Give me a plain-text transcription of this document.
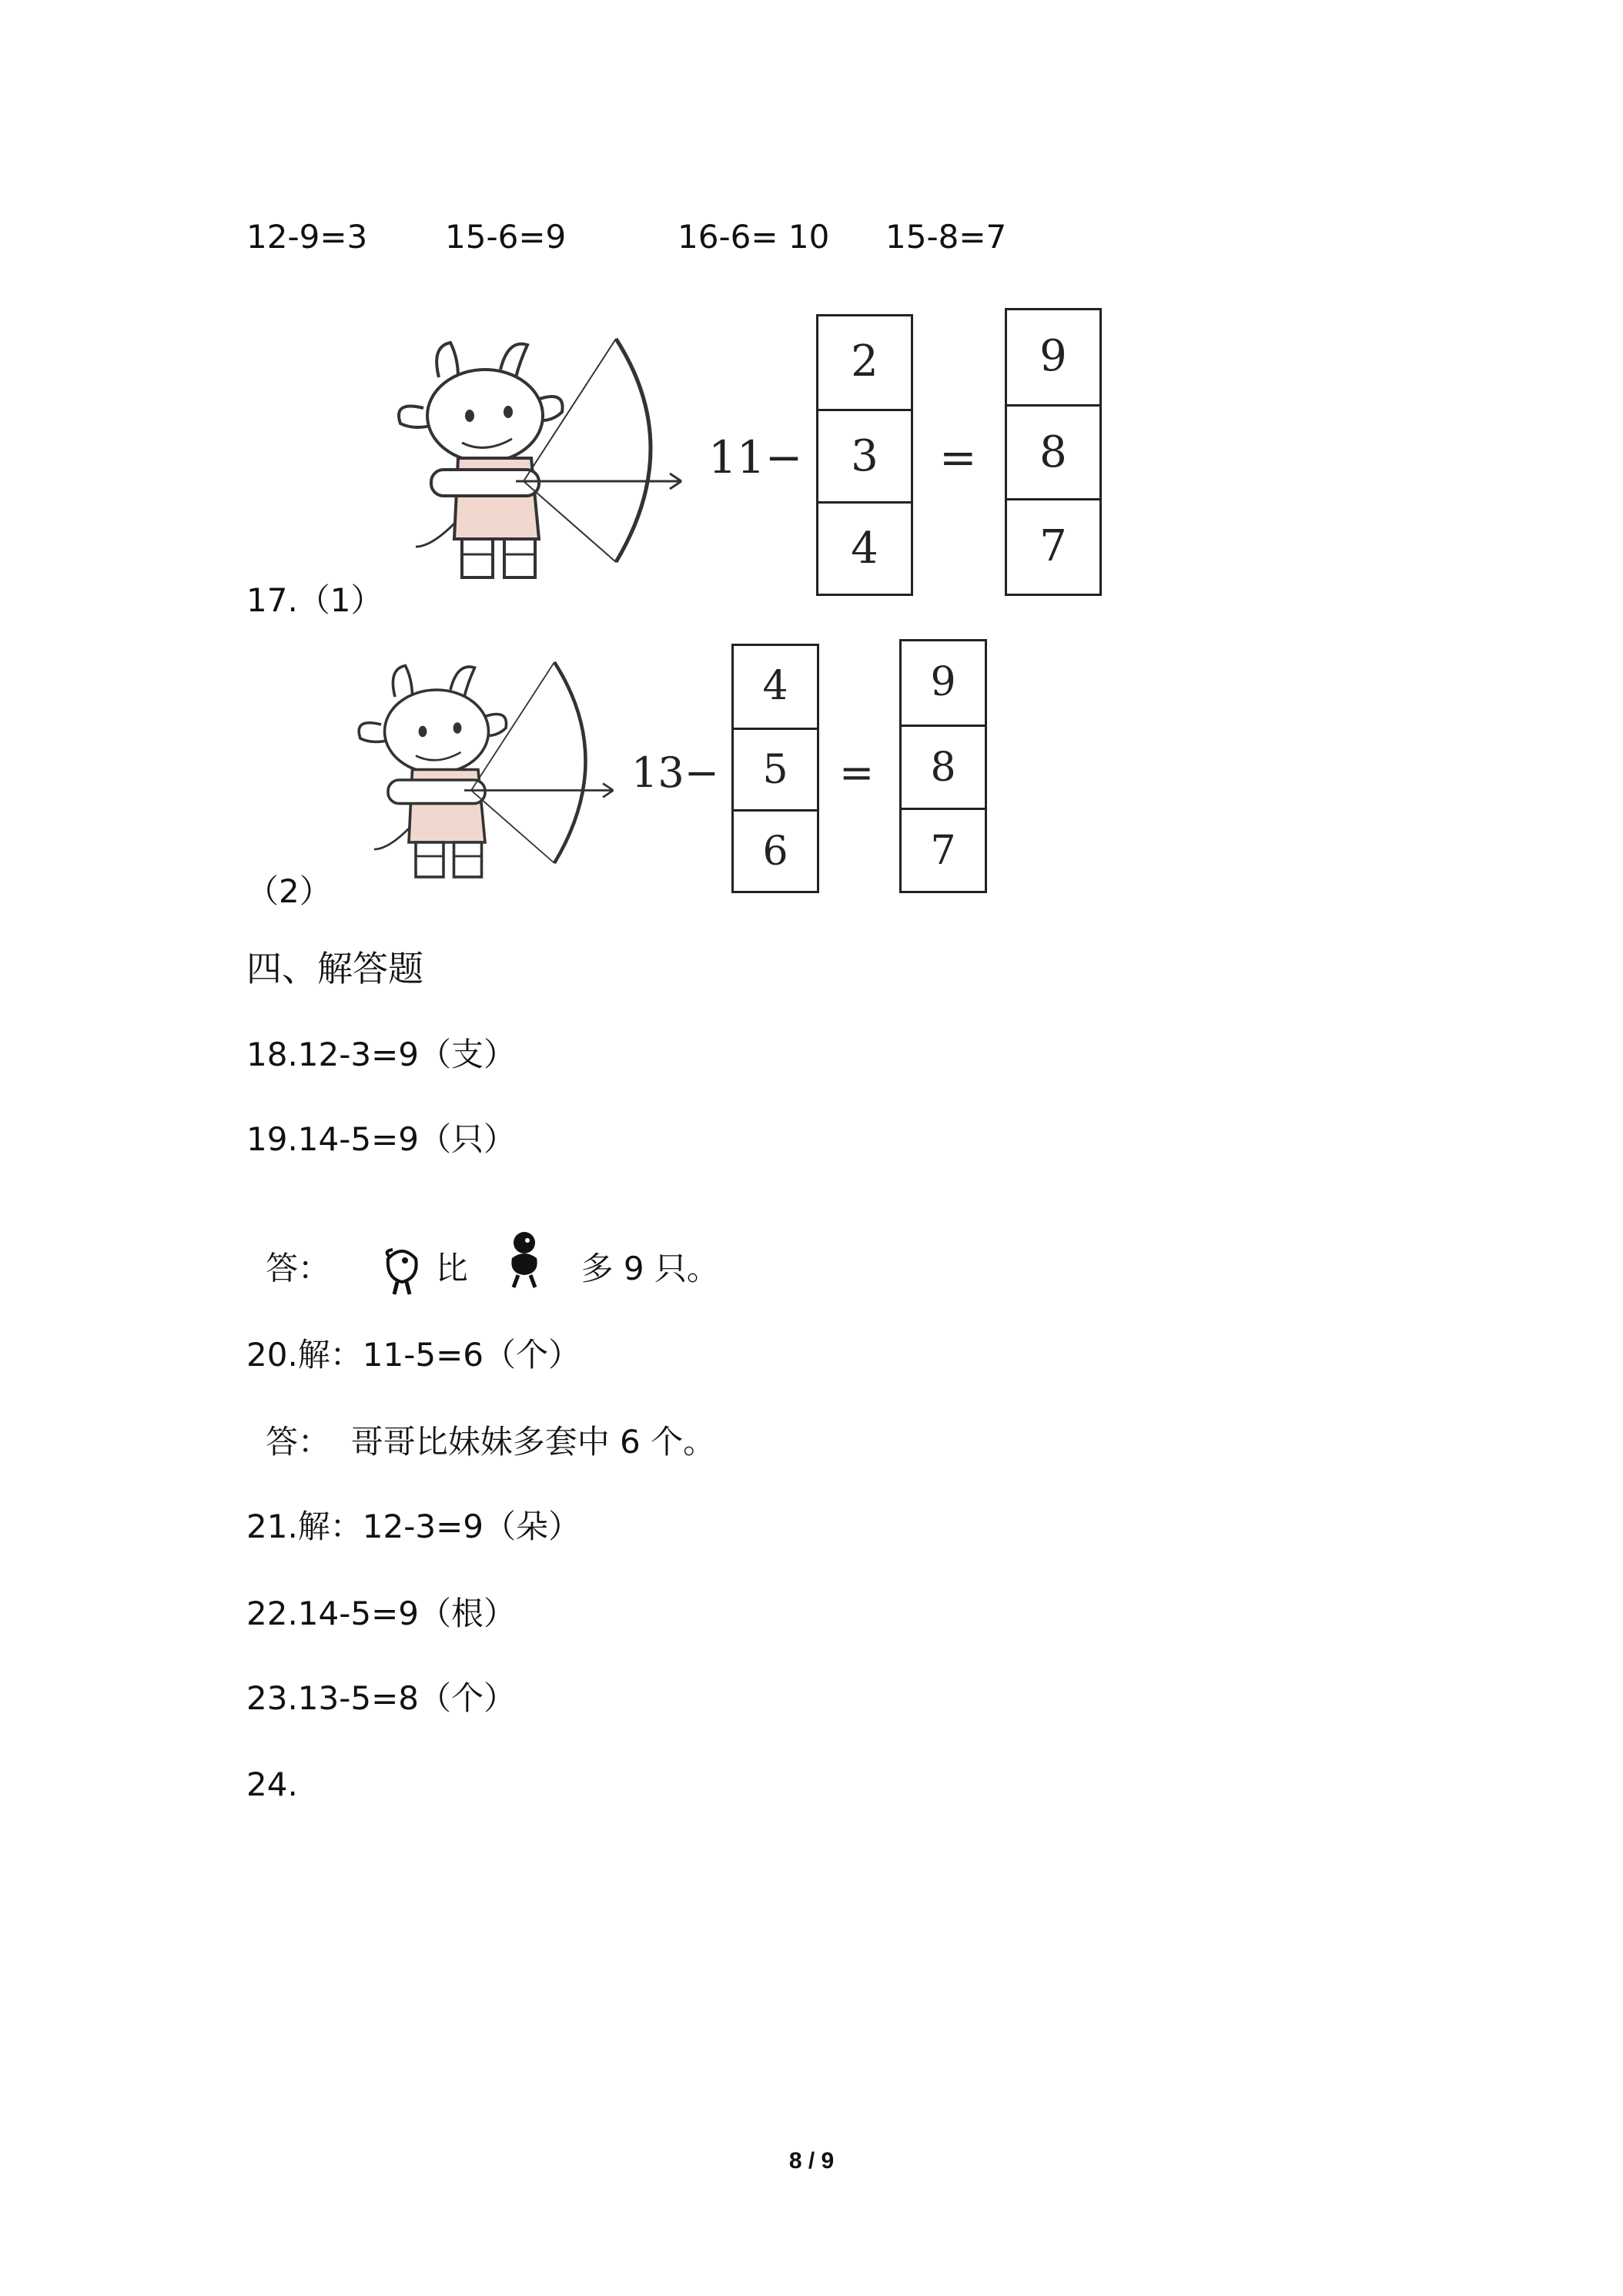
12-9=3 15-6=9	16-6= 10 15-8=7
11−
2
3
4
=
9
8
7
17.（1）
13−
4
5
6
=
9
8
7
（2）
四、解答题
18.12-3=9（支）
19.14-5=9（只）
答：	比	多 9 只。
20.解：11-5=6（个）
答：  哥哥比妹妹多套中 6 个。
21.解：12-3=9（朵）
22.14-5=9（根）
23.13-5=8（个）
24.
8 / 9
